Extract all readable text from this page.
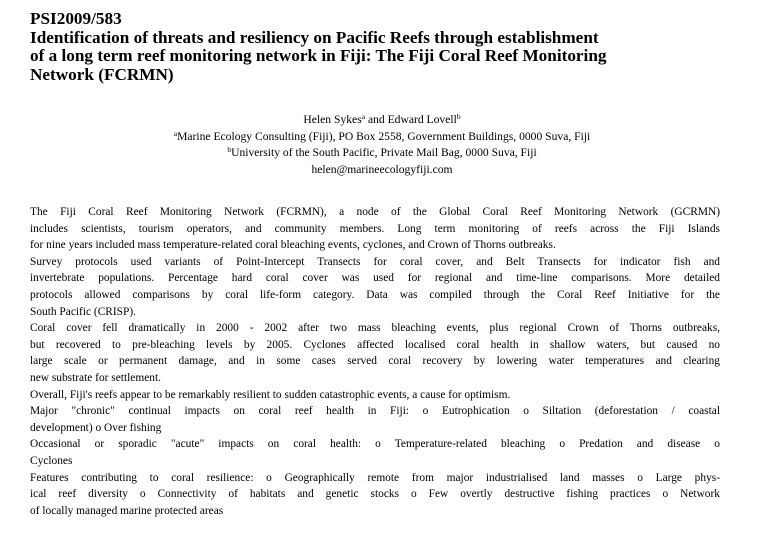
PSI2009/583
Identification of threats and resiliency on Pacific Reefs through establishment
of a long term reef monitoring network in Fiji: The Fiji Coral Reef Monitoring
Network (FCRMN)
Helen Sykes$^a$ and Edward Lovell$^b$
$^a$Marine Ecology Consulting (Fiji), PO Box 2558, Government Buildings, 0000 Suva, Fiji
$^b$University of the South Pacific, Private Mail Bag, 0000 Suva, Fiji
helen@marineecologyfiji.com
The Fiji Coral Reef Monitoring Network (FCRMN), a node of the Global Coral Reef Monitoring Network (GCRMN)
includes scientists, tourism operators, and community members. Long term monitoring of reefs across the Fiji Islands
for nine years included mass temperature-related coral bleaching events, cyclones, and Crown of Thorns outbreaks.
Survey protocols used variants of Point-Intercept Transects for coral cover, and Belt Transects for indicator fish and
invertebrate populations. Percentage hard coral cover was used for regional and time-line comparisons. More detailed
protocols allowed comparisons by coral life-form category. Data was compiled through the Coral Reef Initiative for the
South Pacific (CRISP).
Coral cover fell dramatically in 2000 - 2002 after two mass bleaching events, plus regional Crown of Thorns outbreaks,
but recovered to pre-bleaching levels by 2005. Cyclones affected localised coral health in shallow waters, but caused no
large scale or permanent damage, and in some cases served coral recovery by lowering water temperatures and clearing
new substrate for settlement.
Overall, Fiji's reefs appear to be remarkably resilient to sudden catastrophic events, a cause for optimism.
Major "chronic" continual impacts on coral reef health in Fiji: o Eutrophication o Siltation (deforestation / coastal
development) o Over fishing
Occasional or sporadic "acute" impacts on coral health: o Temperature-related bleaching o Predation and disease o
Cyclones
Features contributing to coral resilience: o Geographically remote from major industrialised land masses o Large phys-
ical reef diversity o Connectivity of habitats and genetic stocks o Few overtly destructive fishing practices o Network
of locally managed marine protected areas
